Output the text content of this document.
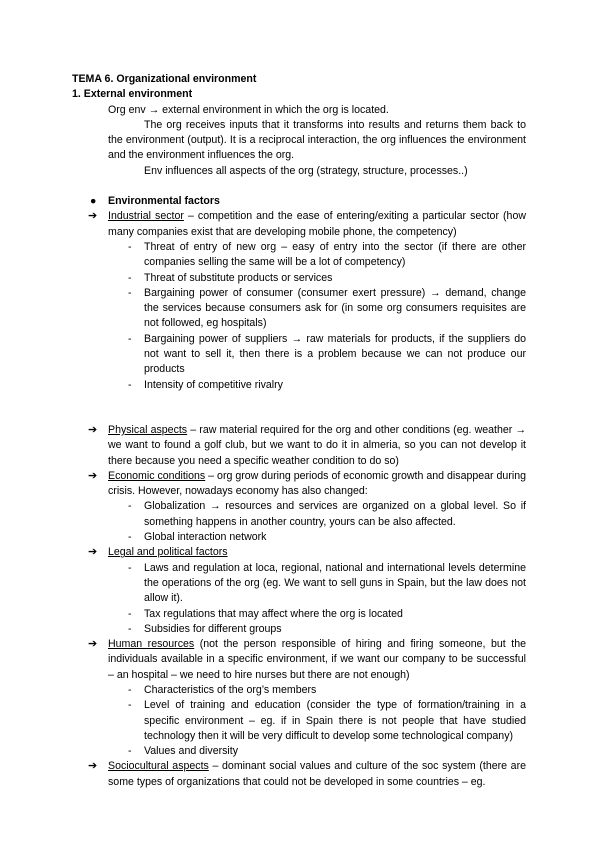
TEMA 6. Organizational environment
1. External environment
Org env → external environment in which the org is located.
The org receives inputs that it transforms into results and returns them back to the environment (output). It is a reciprocal interaction, the org influences the environment and the environment influences the org.
Env influences all aspects of the org (strategy, structure, processes..)
●	Environmental factors
➔ Industrial sector – competition and the ease of entering/exiting a particular sector (how many companies exist that are developing mobile phone, the competency)
- Threat of entry of new org – easy of entry into the sector (if there are other companies selling the same will be a lot of competency)
- Threat of substitute products or services
- Bargaining power of consumer (consumer exert pressure) → demand, change the services because consumers ask for (in some org consumers requisites are not followed, eg hospitals)
- Bargaining power of suppliers → raw materials for products, if the suppliers do not want to sell it, then there is a problem because we can not produce our products
- Intensity of competitive rivalry
➔ Physical aspects – raw material required for the org and other conditions (eg. weather → we want to found a golf club, but we want to do it in almeria, so you can not develop it there because you need a specific weather condition to do so)
➔ Economic conditions – org grow during periods of economic growth and disappear during crisis. However, nowadays economy has also changed:
- Globalization → resources and services are organized on a global level. So if something happens in another country, yours can be also affected.
- Global interaction network
➔ Legal and political factors
- Laws and regulation at loca, regional, national and international levels determine the operations of the org (eg. We want to sell guns in Spain, but the law does not allow it).
- Tax regulations that may affect where the org is located
- Subsidies for different groups
➔ Human resources (not the person responsible of hiring and firing someone, but the individuals available in a specific environment, if we want our company to be successful – an hospital – we need to hire nurses but there are not enough)
- Characteristics of the org’s members
- Level of training and education (consider the type of formation/training in a specific environment – eg. if in Spain there is not people that have studied technology then it will be very difficult to develop some technological company)
- Values and diversity
➔ Sociocultural aspects – dominant social values and culture of the soc system (there are some types of organizations that could not be developed in some countries – eg.
